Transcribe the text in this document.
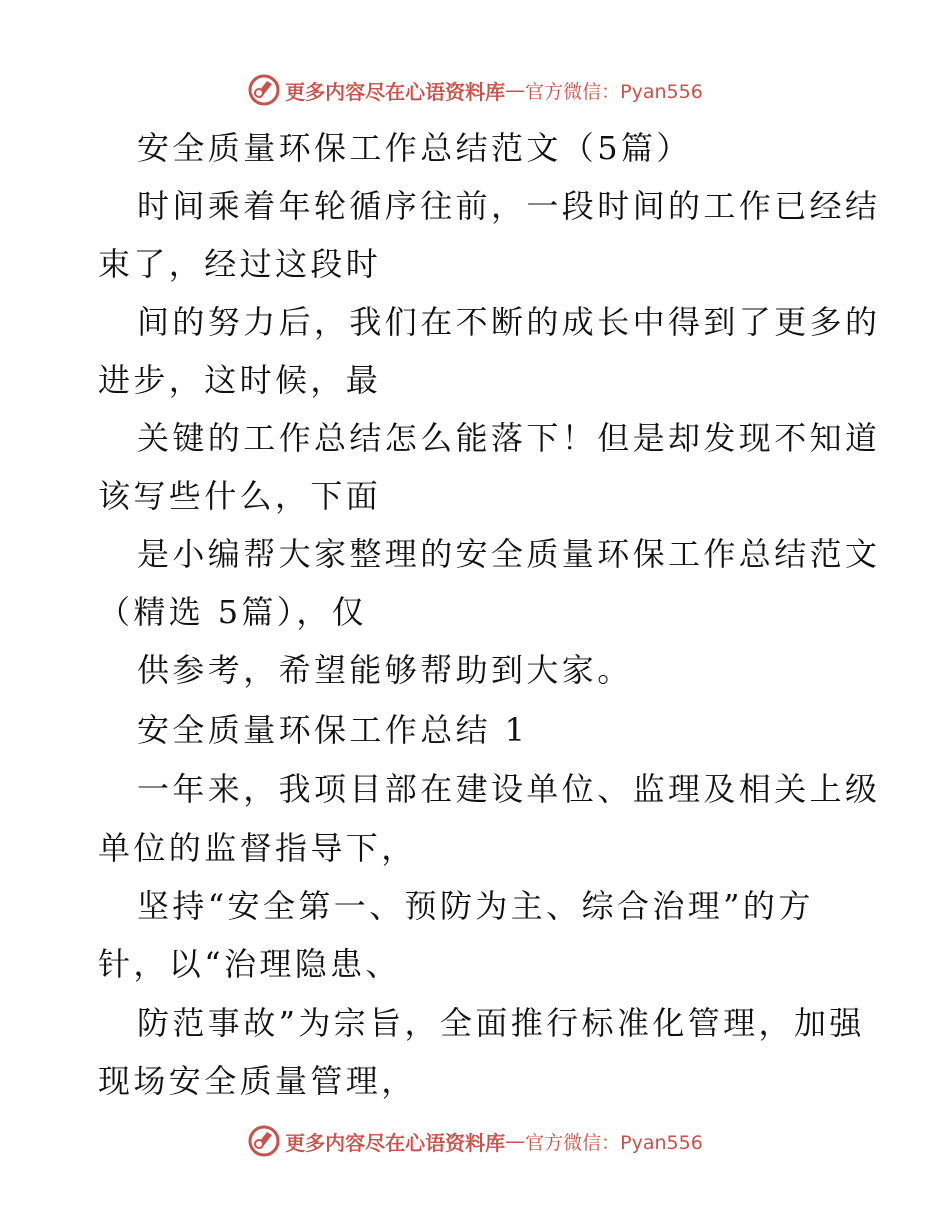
更多内容尽在心语资料库 — 官方微信：Pyan556
安全质量环保工作总结范文（5篇）
时间乘着年轮循序往前，一段时间的工作已经结
束了，经过这段时
间的努力后，我们在不断的成长中得到了更多的
进步，这时候，最
关键的工作总结怎么能落下！但是却发现不知道
该写些什么，下面
是小编帮大家整理的安全质量环保工作总结范文
（精选 5篇），仅
供参考，希望能够帮助到大家。
安全质量环保工作总结 1
一年来，我项目部在建设单位、监理及相关上级
单位的监督指导下，
坚持“安全第一、预防为主、综合治理”的方
针，以“治理隐患、
防范事故”为宗旨，全面推行标准化管理，加强
现场安全质量管理，
更多内容尽在心语资料库 — 官方微信：Pyan556
